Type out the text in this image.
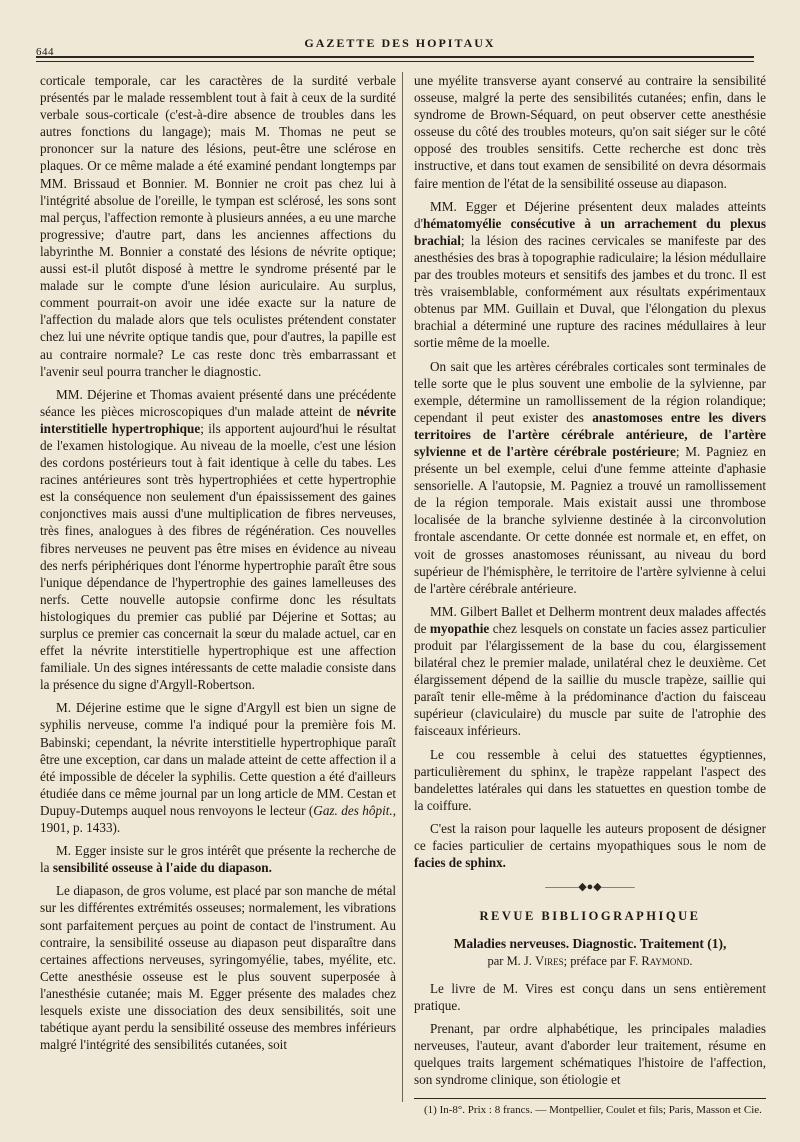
644
GAZETTE DES HOPITAUX

corticale temporale, car les caractères de la surdité verbale présentés par le malade ressemblent tout à fait à ceux de la surdité verbale sous-corticale (c'est-à-dire absence de troubles dans les autres fonctions du langage); mais M. Thomas ne peut se prononcer sur la nature des lésions, peut-être une sclérose en plaques. Or ce même malade a été examiné pendant longtemps par MM. Brissaud et Bonnier. M. Bonnier ne croit pas chez lui à l'intégrité absolue de l'oreille, le tympan est sclérosé, les sons sont mal perçus, l'affection remonte à plusieurs années, a eu une marche progressive; d'autre part, dans les anciennes affections du labyrinthe M. Bonnier a constaté des lésions de névrite optique; aussi est-il plutôt disposé à mettre le syndrome présenté par le malade sur le compte d'une lésion auriculaire. Au surplus, comment pourrait-on avoir une idée exacte sur la nature de l'affection du malade alors que tels oculistes prétendent constater chez lui une névrite optique tandis que, pour d'autres, la papille est au contraire normale? Le cas reste donc très embarrassant et l'avenir seul pourra trancher le diagnostic.

MM. Déjerine et Thomas avaient présenté dans une précédente séance les pièces microscopiques d'un malade atteint de névrite interstitielle hypertrophique; ils apportent aujourd'hui le résultat de l'examen histologique. Au niveau de la moelle, c'est une lésion des cordons postérieurs tout à fait identique à celle du tabes. Les racines antérieures sont très hypertrophiées et cette hypertrophie est la conséquence non seulement d'un épaississement des gaines conjonctives mais aussi d'une multiplication de fibres nerveuses, très fines, analogues à des fibres de régénération. Ces nouvelles fibres nerveuses ne peuvent pas être mises en évidence au niveau des nerfs périphériques dont l'énorme hypertrophie paraît être sous l'unique dépendance de l'hypertrophie des gaines lamelleuses des nerfs. Cette nouvelle autopsie confirme donc les résultats histologiques du premier cas publié par Déjerine et Sottas; au surplus ce premier cas concernait la sœur du malade actuel, car en effet la névrite interstitielle hypertrophique est une affection familiale. Un des signes intéressants de cette maladie consiste dans la présence du signe d'Argyll-Robertson.

M. Déjerine estime que le signe d'Argyll est bien un signe de syphilis nerveuse, comme l'a indiqué pour la première fois M. Babinski; cependant, la névrite interstitielle hypertrophique paraît être une exception, car dans un malade atteint de cette affection il a été impossible de déceler la syphilis. Cette question a été d'ailleurs étudiée dans ce même journal par un long article de MM. Cestan et Dupuy-Dutemps auquel nous renvoyons le lecteur (Gaz. des hôpit., 1901, p. 1433).

M. Egger insiste sur le gros intérêt que présente la recherche de la sensibilité osseuse à l'aide du diapason.

Le diapason, de gros volume, est placé par son manche de métal sur les différentes extrémités osseuses; normalement, les vibrations sont parfaitement perçues au point de contact de l'instrument. Au contraire, la sensibilité osseuse au diapason peut disparaître dans certaines affections nerveuses, syringomyélie, tabes, myélite, etc. Cette anesthésie osseuse est le plus souvent superposée à l'anesthésie cutanée; mais M. Egger présente des malades chez lesquels existe une dissociation des deux sensibilités, soit une tabétique ayant perdu la sensibilité osseuse des membres inférieurs malgré l'intégrité des sensibilités cutanées, soit

une myélite transverse ayant conservé au contraire la sensibilité osseuse, malgré la perte des sensibilités cutanées; enfin, dans le syndrome de Brown-Séquard, on peut observer cette anesthésie osseuse du côté des troubles moteurs, qu'on sait siéger sur le côté opposé des troubles sensitifs. Cette recherche est donc très instructive, et dans tout examen de sensibilité on devra désormais faire mention de l'état de la sensibilité osseuse au diapason.

MM. Egger et Déjerine présentent deux malades atteints d'hématomyélie consécutive à un arrachement du plexus brachial; la lésion des racines cervicales se manifeste par des anesthésies des bras à topographie radiculaire; la lésion médullaire par des troubles moteurs et sensitifs des jambes et du tronc. Il est très vraisemblable, conformément aux résultats expérimentaux obtenus par MM. Guillain et Duval, que l'élongation du plexus brachial a déterminé une rupture des racines médullaires à leur sortie même de la moelle.

On sait que les artères cérébrales corticales sont terminales de telle sorte que le plus souvent une embolie de la sylvienne, par exemple, détermine un ramollissement de la région rolandique; cependant il peut exister des anastomoses entre les divers territoires de l'artère cérébrale antérieure, de l'artère sylvienne et de l'artère cérébrale postérieure; M. Pagniez en présente un bel exemple, celui d'une femme atteinte d'aphasie sensorielle. A l'autopsie, M. Pagniez a trouvé un ramollissement de la région temporale. Mais existait aussi une thrombose localisée de la branche sylvienne destinée à la circonvolution frontale ascendante. Or cette donnée est normale et, en effet, on voit de grosses anastomoses réunissant, au niveau du bord supérieur de l'hémisphère, le territoire de l'artère sylvienne à celui de l'artère cérébrale antérieure.

MM. Gilbert Ballet et Delherm montrent deux malades affectés de myopathie chez lesquels on constate un facies assez particulier produit par l'élargissement de la base du cou, élargissement bilatéral chez le premier malade, unilatéral chez le deuxième. Cet élargissement dépend de la saillie du muscle trapèze, saillie qui paraît tenir elle-même à la prédominance d'action du faisceau supérieur (claviculaire) du muscle par suite de l'atrophie des faisceaux inférieurs.

Le cou ressemble à celui des statuettes égyptiennes, particulièrement du sphinx, le trapèze rappelant l'aspect des bandelettes latérales qui dans les statuettes en question tombe de la coiffure.

C'est la raison pour laquelle les auteurs proposent de désigner ce facies particulier de certains myopathiques sous le nom de facies de sphinx.

———◆●◆———
REVUE BIBLIOGRAPHIQUE
Maladies nerveuses. Diagnostic. Traitement (1),
par M. J. Vires; préface par F. Raymond.

Le livre de M. Vires est conçu dans un sens entièrement pratique.

Prenant, par ordre alphabétique, les principales maladies nerveuses, l'auteur, avant d'aborder leur traitement, résume en quelques traits largement schématiques l'histoire de l'affection, son syndrome clinique, son étiologie et

(1) In-8°. Prix : 8 francs. — Montpellier, Coulet et fils; Paris, Masson et Cie.
